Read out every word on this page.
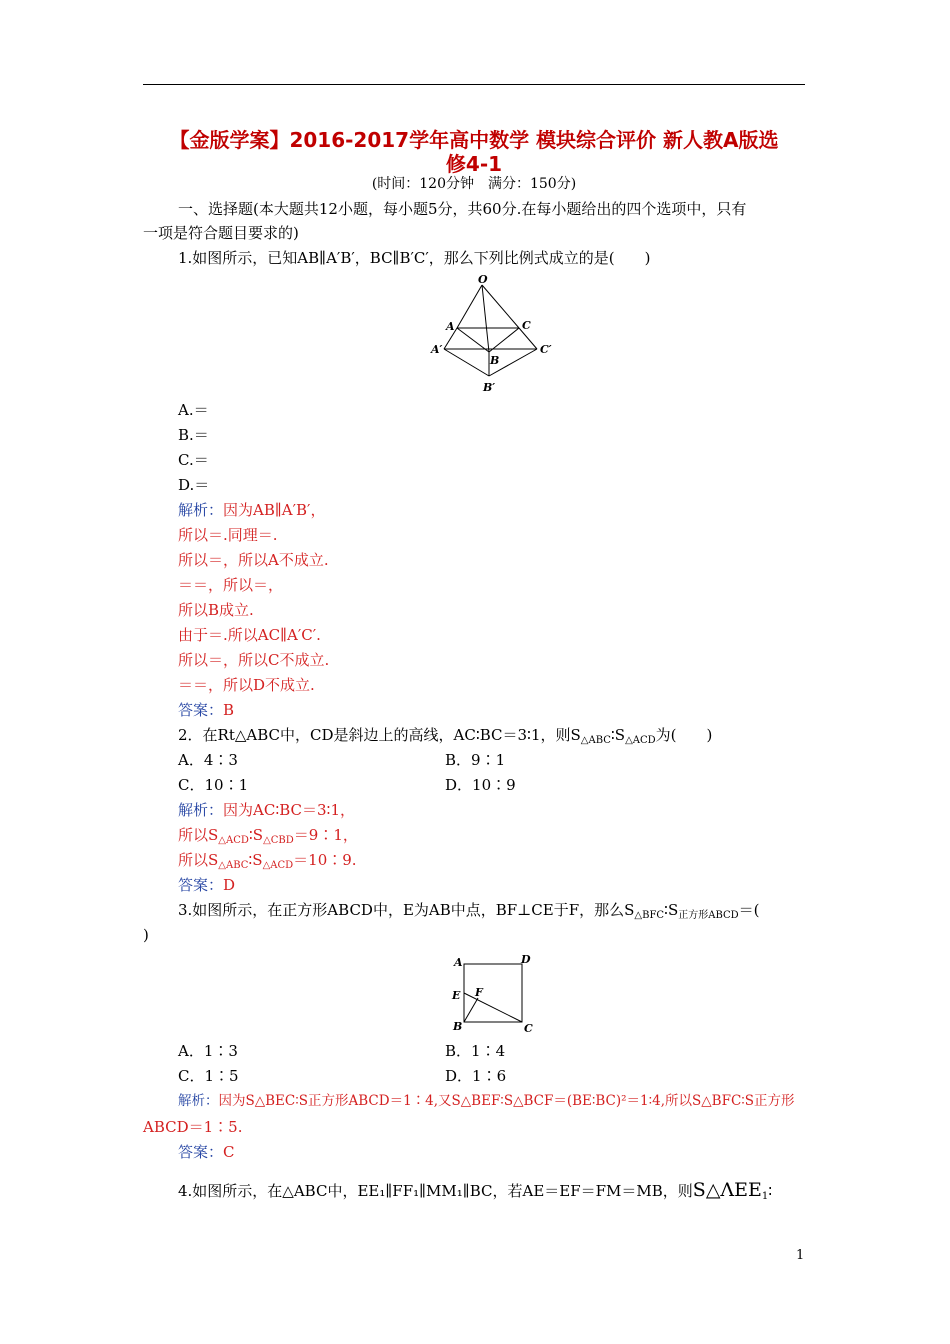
【金版学案】2016-2017学年高中数学 模块综合评价 新人教A版选
修4-1
(时间：120分钟　满分：150分)
一、选择题(本大题共12小题，每小题5分，共60分.在每小题给出的四个选项中，只有
一项是符合题目要求的)
1.如图所示，已知AB∥A′B′，BC∥B′C′，那么下列比例式成立的是(　　)
O
A	C
A′
B
C′
B′
A.＝
B.＝
C.＝
D.＝
解析：因为AB∥A′B′，
所以＝.同理＝.
所以＝，所以A不成立.
＝＝，所以＝，
所以B成立.
由于＝.所以AC∥A′C′.
所以＝，所以C不成立.
＝＝，所以D不成立.
答案：B
2．在Rt△ABC中，CD是斜边上的高线，AC∶BC＝3∶1，则$S_{\triangle ABC}∶S_{\triangle ACD}$为(　　)
A．4∶3	B．9∶1
C．10∶1	D．10∶9
解析：因为AC∶BC＝3∶1，
所以$S_{\triangle ACD}∶S_{\triangle CBD}=9∶1$，
所以$S_{\triangle ABC}∶S_{\triangle ACD}=10∶9$.
答案：D
3.如图所示，在正方形ABCD中，E为AB中点，BF⊥CE于F，那么$S_{\triangle BFC}∶S_{正方形ABCD}=$(
)
A	D
E F
B	C
A．1∶3	B．1∶4
C．1∶5	D．1∶6
解析：因为S△BEC∶S正方形ABCD＝1∶4,又S△BEF∶S△BCF＝(BE∶BC)²＝1∶4,所以S△BFC∶S正方形
ABCD＝1∶5.
答案：C
4.如图所示，在△ABC中，EE₁∥FF₁∥MM₁∥BC，若AE＝EF＝FM＝MB，则$S\triangle\Lambda EE_1∶$
1
